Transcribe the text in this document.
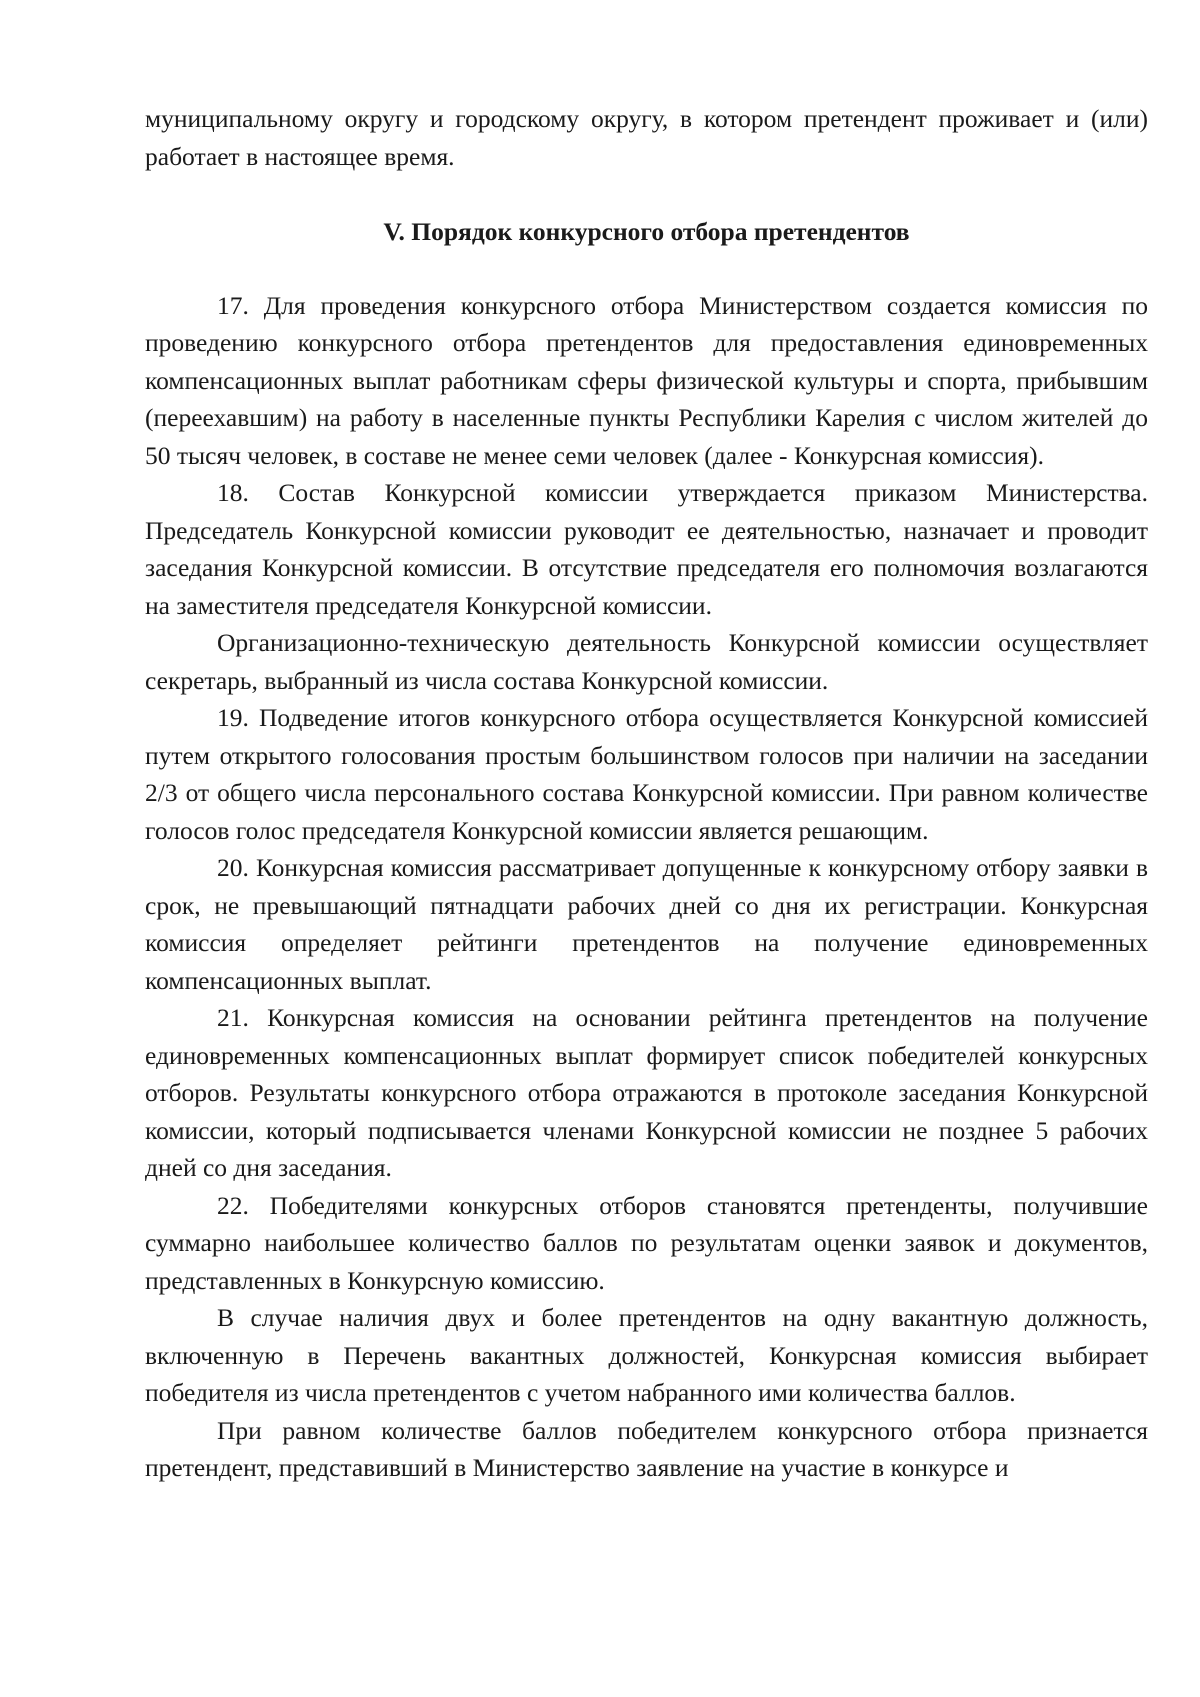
муниципальному округу и городскому округу, в котором претендент проживает и (или) работает в настоящее время.

V. Порядок конкурсного отбора претендентов

17. Для проведения конкурсного отбора Министерством создается комиссия по проведению конкурсного отбора претендентов для предоставления единовременных компенсационных выплат работникам сферы физической культуры и спорта, прибывшим (переехавшим) на работу в населенные пункты Республики Карелия с числом жителей до 50 тысяч человек, в составе не менее семи человек (далее - Конкурсная комиссия).

18. Состав Конкурсной комиссии утверждается приказом Министерства. Председатель Конкурсной комиссии руководит ее деятельностью, назначает и проводит заседания Конкурсной комиссии. В отсутствие председателя его полномочия возлагаются на заместителя председателя Конкурсной комиссии.

Организационно-техническую деятельность Конкурсной комиссии осуществляет секретарь, выбранный из числа состава Конкурсной комиссии.

19. Подведение итогов конкурсного отбора осуществляется Конкурсной комиссией путем открытого голосования простым большинством голосов при наличии на заседании 2/3 от общего числа персонального состава Конкурсной комиссии. При равном количестве голосов голос председателя Конкурсной комиссии является решающим.

20. Конкурсная комиссия рассматривает допущенные к конкурсному отбору заявки в срок, не превышающий пятнадцати рабочих дней со дня их регистрации. Конкурсная комиссия определяет рейтинги претендентов на получение единовременных компенсационных выплат.

21. Конкурсная комиссия на основании рейтинга претендентов на получение единовременных компенсационных выплат формирует список победителей конкурсных отборов. Результаты конкурсного отбора отражаются в протоколе заседания Конкурсной комиссии, который подписывается членами Конкурсной комиссии не позднее 5 рабочих дней со дня заседания.

22. Победителями конкурсных отборов становятся претенденты, получившие суммарно наибольшее количество баллов по результатам оценки заявок и документов, представленных в Конкурсную комиссию.

В случае наличия двух и более претендентов на одну вакантную должность, включенную в Перечень вакантных должностей, Конкурсная комиссия выбирает победителя из числа претендентов с учетом набранного ими количества баллов.

При равном количестве баллов победителем конкурсного отбора признается претендент, представивший в Министерство заявление на участие в конкурсе и
